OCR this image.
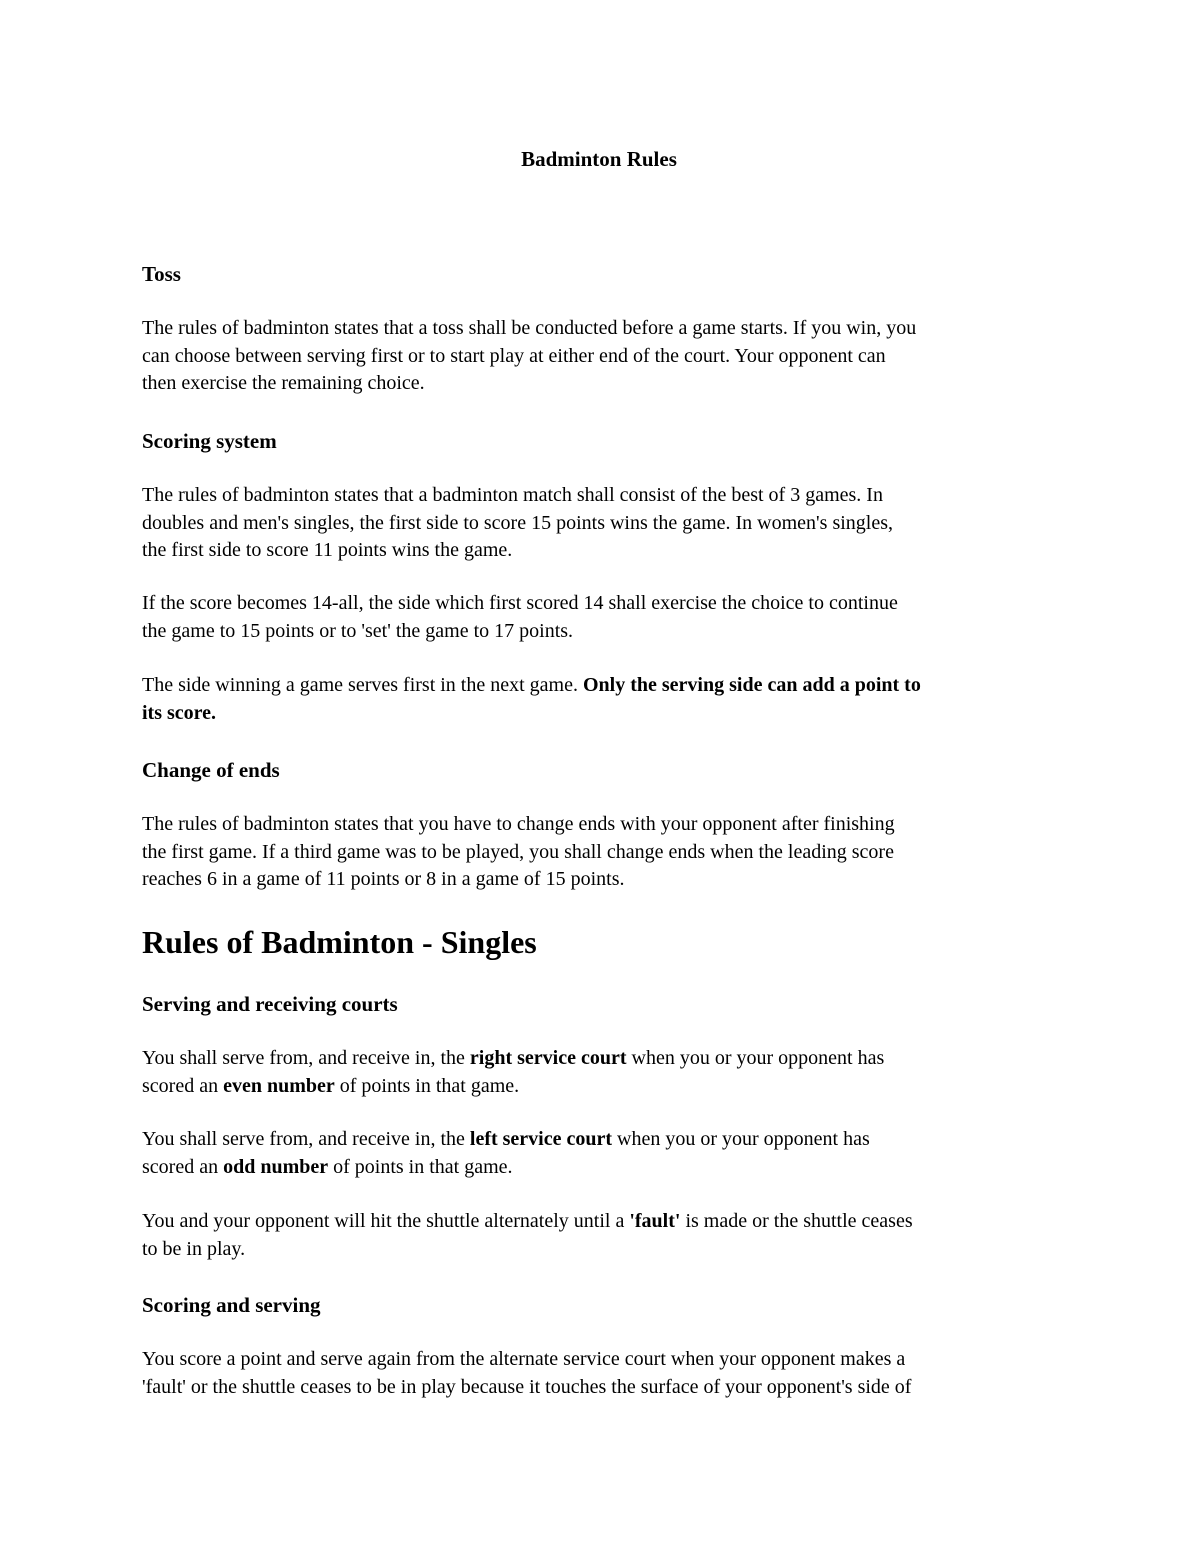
Badminton Rules
Toss

The rules of badminton states that a toss shall be conducted before a game starts. If you win, you
can choose between serving first or to start play at either end of the court. Your opponent can
then exercise the remaining choice.

Scoring system

The rules of badminton states that a badminton match shall consist of the best of 3 games. In
doubles and men's singles, the first side to score 15 points wins the game. In women's singles,
the first side to score 11 points wins the game.

If the score becomes 14-all, the side which first scored 14 shall exercise the choice to continue
the game to 15 points or to 'set' the game to 17 points.

The side winning a game serves first in the next game. Only the serving side can add a point to
its score.

Change of ends

The rules of badminton states that you have to change ends with your opponent after finishing
the first game. If a third game was to be played, you shall change ends when the leading score
reaches 6 in a game of 11 points or 8 in a game of 15 points.

Rules of Badminton - Singles
Serving and receiving courts

You shall serve from, and receive in, the right service court when you or your opponent has
scored an even number of points in that game.

You shall serve from, and receive in, the left service court when you or your opponent has
scored an odd number of points in that game.

You and your opponent will hit the shuttle alternately until a 'fault' is made or the shuttle ceases
to be in play.

Scoring and serving

You score a point and serve again from the alternate service court when your opponent makes a
'fault' or the shuttle ceases to be in play because it touches the surface of your opponent's side of
